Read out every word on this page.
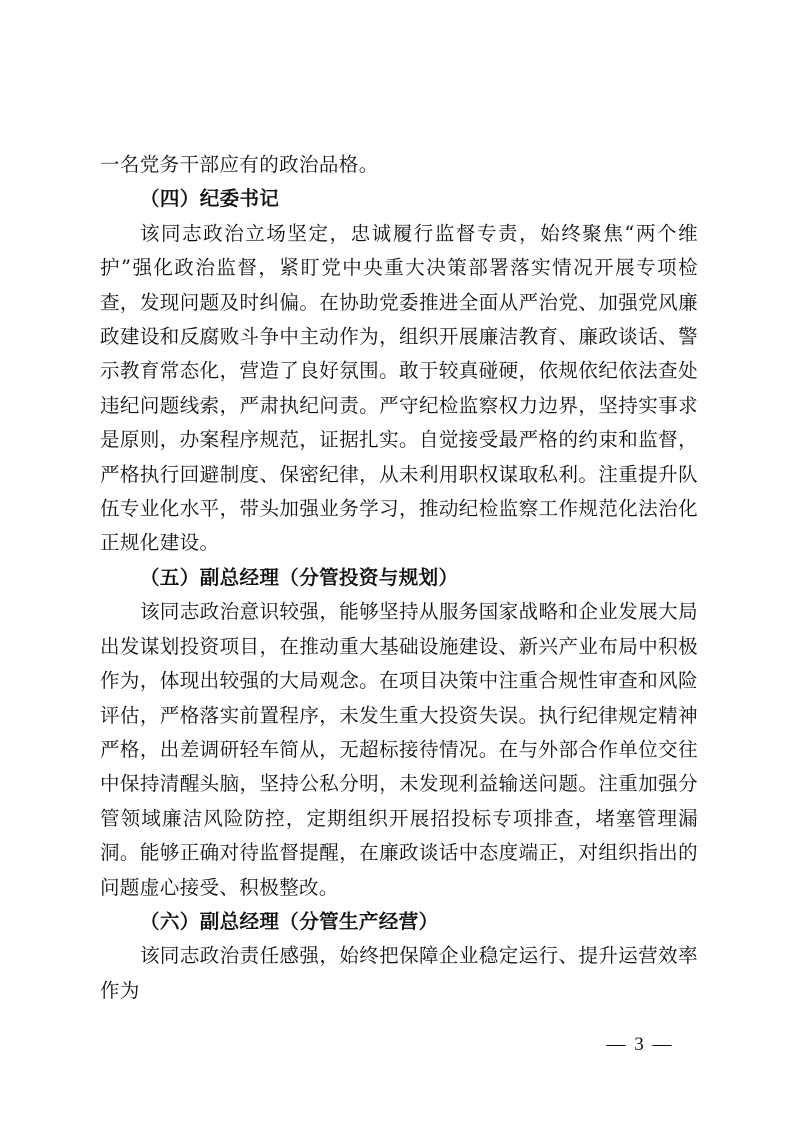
一名党务干部应有的政治品格。

（四）纪委书记

该同志政治立场坚定，忠诚履行监督专责，始终聚焦“两个维护”强化政治监督，紧盯党中央重大决策部署落实情况开展专项检查，发现问题及时纠偏。在协助党委推进全面从严治党、加强党风廉政建设和反腐败斗争中主动作为，组织开展廉洁教育、廉政谈话、警示教育常态化，营造了良好氛围。敢于较真碰硬，依规依纪依法查处违纪问题线索，严肃执纪问责。严守纪检监察权力边界，坚持实事求是原则，办案程序规范，证据扎实。自觉接受最严格的约束和监督，严格执行回避制度、保密纪律，从未利用职权谋取私利。注重提升队伍专业化水平，带头加强业务学习，推动纪检监察工作规范化法治化正规化建设。

（五）副总经理（分管投资与规划）

该同志政治意识较强，能够坚持从服务国家战略和企业发展大局出发谋划投资项目，在推动重大基础设施建设、新兴产业布局中积极作为，体现出较强的大局观念。在项目决策中注重合规性审查和风险评估，严格落实前置程序，未发生重大投资失误。执行纪律规定精神严格，出差调研轻车简从，无超标接待情况。在与外部合作单位交往中保持清醒头脑，坚持公私分明，未发现利益输送问题。注重加强分管领域廉洁风险防控，定期组织开展招投标专项排查，堵塞管理漏洞。能够正确对待监督提醒，在廉政谈话中态度端正，对组织指出的问题虚心接受、积极整改。

（六）副总经理（分管生产经营）

该同志政治责任感强，始终把保障企业稳定运行、提升运营效率作为

— 3 —
